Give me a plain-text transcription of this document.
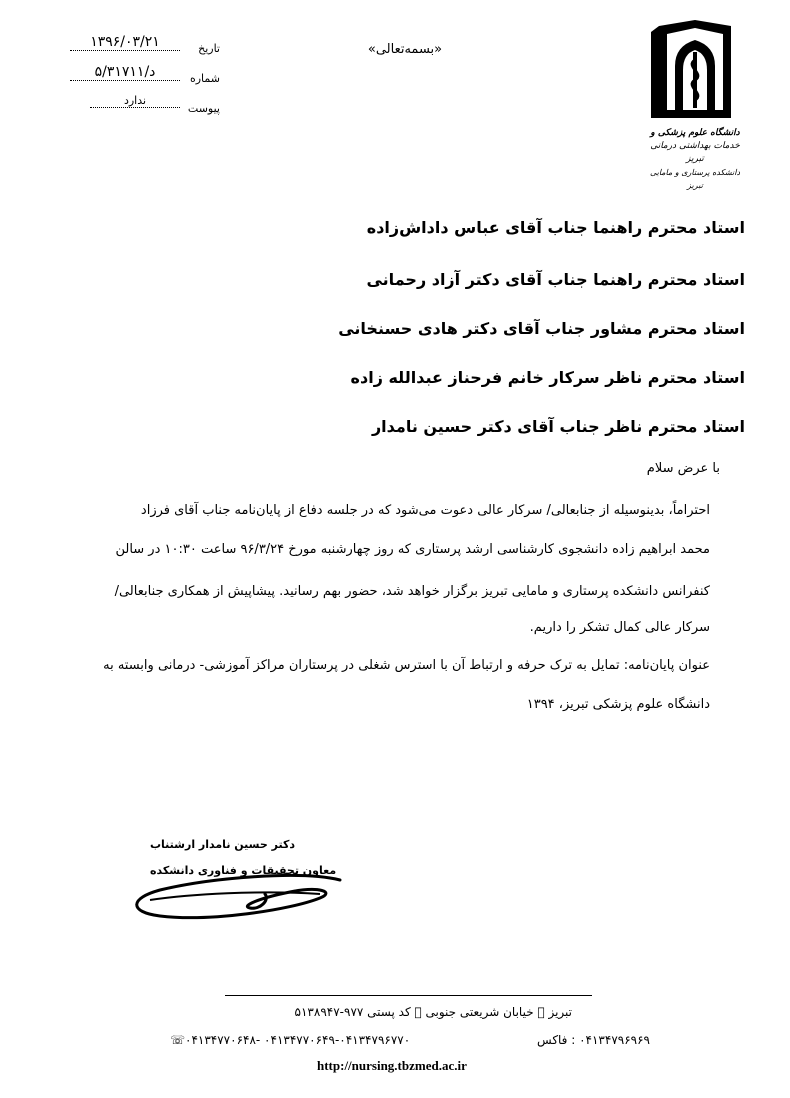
«بسمه‌تعالی»
تاریخ
۱۳۹۶/۰۳/۲۱
شماره
۵/د/۳۱۷۱۱
پیوست
ندارد
دانشگاه علوم پزشکی و
خدمات بهداشتی درمانی تبریز
دانشکده پرستاری و مامایی تبریز
استاد محترم راهنما جناب آقای عباس داداش‌زاده
استاد محترم راهنما جناب آقای دکتر آزاد رحمانی
استاد محترم مشاور جناب آقای دکتر هادی حسنخانی
استاد محترم ناظر سرکار خانم فرحناز عبدالله زاده
استاد محترم ناظر جناب آقای دکتر حسین نامدار
با عرض سلام
احتراماً، بدینوسیله از جنابعالی/ سرکار عالی دعوت می‌شود که در جلسه دفاع از پایان‌نامه جناب آقای فرزاد
محمد ابراهیم زاده دانشجوی کارشناسی ارشد پرستاری که روز چهارشنبه مورخ ۹۶/۳/۲۴ ساعت ۱۰:۳۰ در سالن
کنفرانس دانشکده پرستاری و مامایی تبریز برگزار خواهد شد، حضور بهم رسانید. پیشاپیش از همکاری جنابعالی/
سرکار عالی کمال تشکر را داریم.
عنوان پایان‌نامه: تمایل به ترک حرفه و ارتباط آن با استرس شغلی در پرستاران مراکز آموزشی- درمانی وابسته به
دانشگاه علوم پزشکی تبریز، ۱۳۹۴
دکتر حسین نامدار ارشتناب
معاون تحقیقات و فناوری دانشکده
تبریز ⃞ خیابان شریعتی جنوبی ⃞ کد پستی ۹۷۷-۵۱۳۸۹۴۷
۰۴۱۳۴۷۹۶۹۶۹ : فاکس
☏۰۴۱۳۴۷۷۰۶۴۸- ۰۴۱۳۴۷۷۰۶۴۹-۰۴۱۳۴۷۹۶۷۷۰
http://nursing.tbzmed.ac.ir
